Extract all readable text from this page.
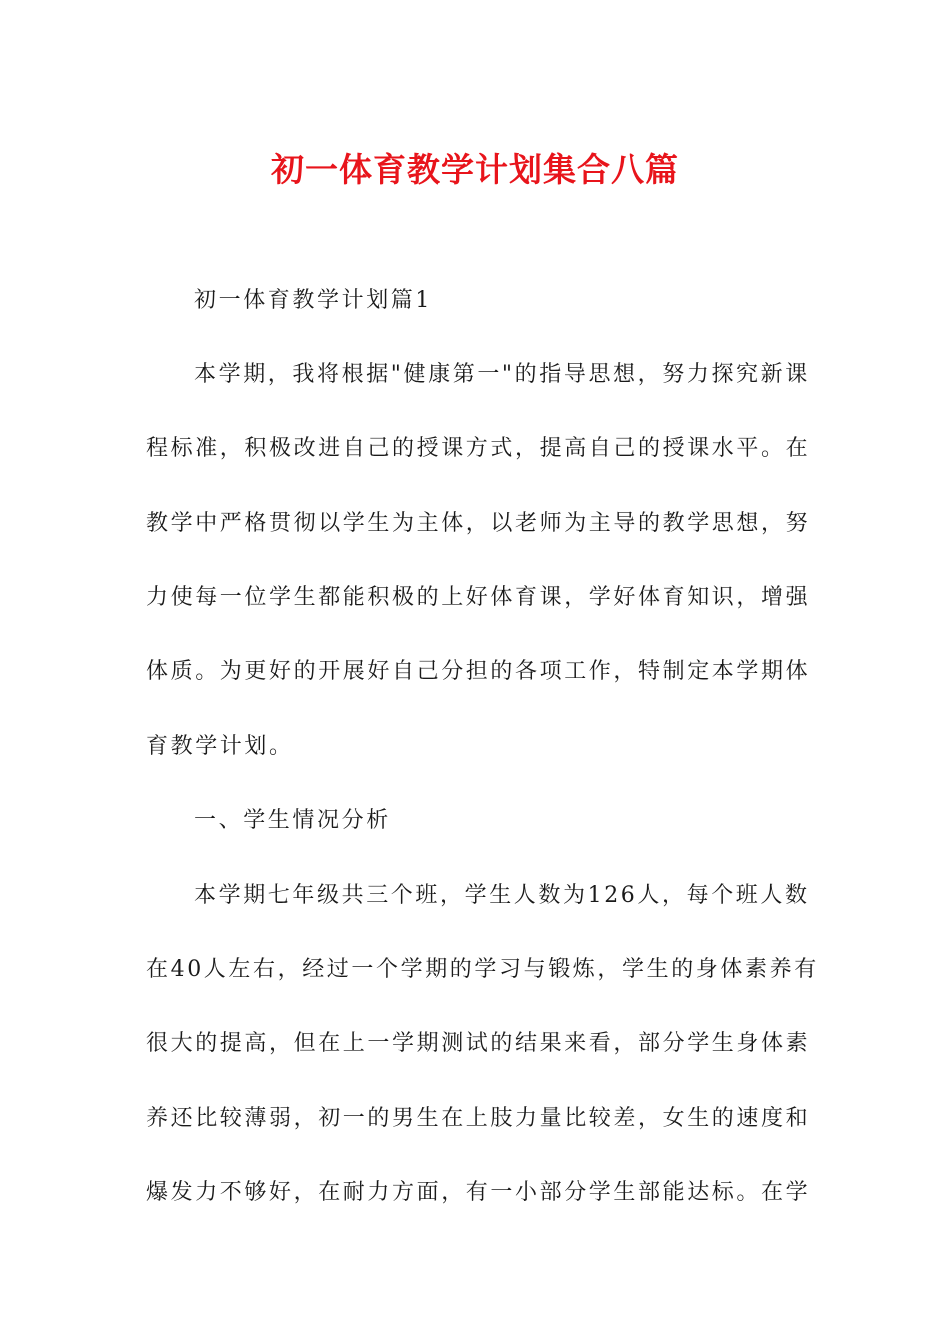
初一体育教学计划集合八篇
初一体育教学计划篇1
本学期，我将根据"健康第一"的指导思想，努力探究新课
程标准，积极改进自己的授课方式，提高自己的授课水平。在
教学中严格贯彻以学生为主体，以老师为主导的教学思想，努
力使每一位学生都能积极的上好体育课，学好体育知识，增强
体质。为更好的开展好自己分担的各项工作，特制定本学期体
育教学计划。
一、学生情况分析
本学期七年级共三个班，学生人数为126人，每个班人数
在40人左右，经过一个学期的学习与锻炼，学生的身体素养有
很大的提高，但在上一学期测试的结果来看，部分学生身体素
养还比较薄弱，初一的男生在上肢力量比较差，女生的速度和
爆发力不够好，在耐力方面，有一小部分学生部能达标。在学
